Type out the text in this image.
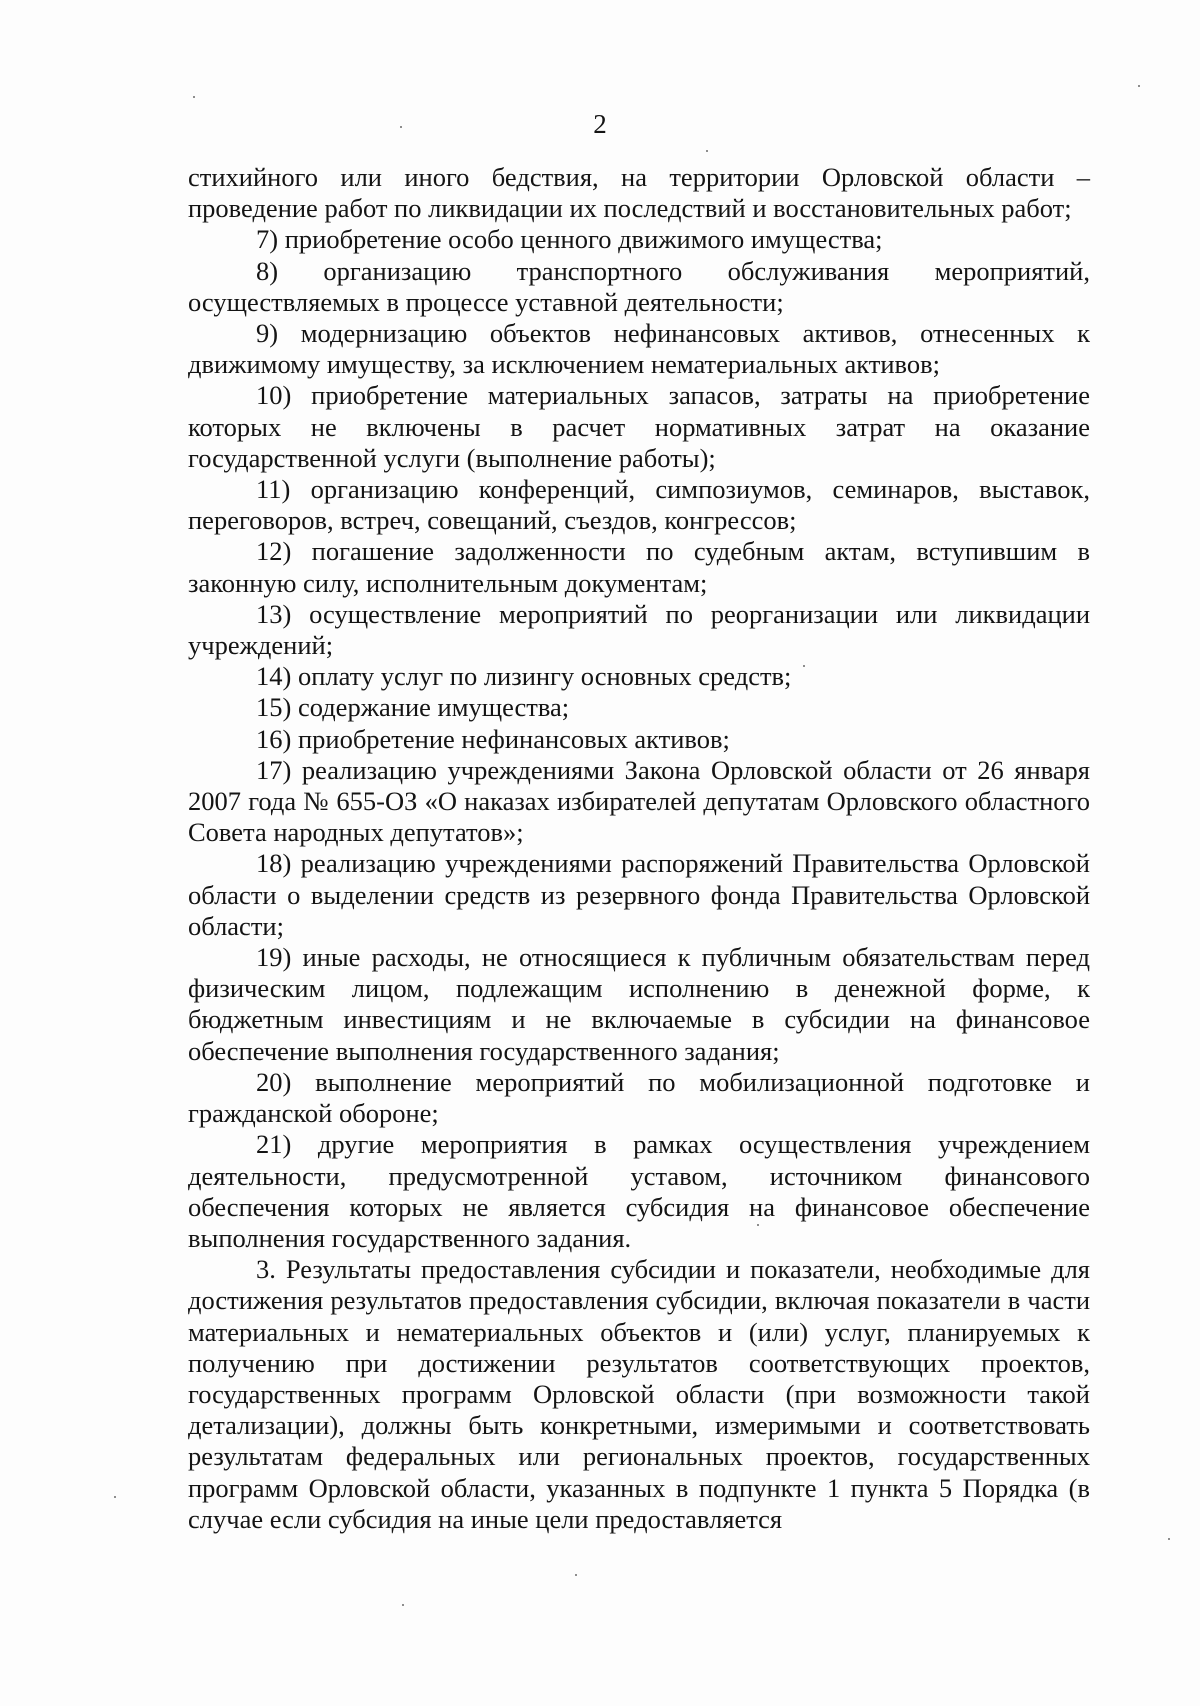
2

стихийного или иного бедствия, на территории Орловской области – проведение работ по ликвидации их последствий и восстановительных работ;

7) приобретение особо ценного движимого имущества;

8) организацию транспортного обслуживания мероприятий, осуществляемых в процессе уставной деятельности;

9) модернизацию объектов нефинансовых активов, отнесенных к движимому имуществу, за исключением нематериальных активов;

10) приобретение материальных запасов, затраты на приобретение которых не включены в расчет нормативных затрат на оказание государственной услуги (выполнение работы);

11) организацию конференций, симпозиумов, семинаров, выставок, переговоров, встреч, совещаний, съездов, конгрессов;

12) погашение задолженности по судебным актам, вступившим в законную силу, исполнительным документам;

13) осуществление мероприятий по реорганизации или ликвидации учреждений;

14) оплату услуг по лизингу основных средств;

15) содержание имущества;

16) приобретение нефинансовых активов;

17) реализацию учреждениями Закона Орловской области от 26 января 2007 года № 655-ОЗ «О наказах избирателей депутатам Орловского областного Совета народных депутатов»;

18) реализацию учреждениями распоряжений Правительства Орловской области о выделении средств из резервного фонда Правительства Орловской области;

19) иные расходы, не относящиеся к публичным обязательствам перед физическим лицом, подлежащим исполнению в денежной форме, к бюджетным инвестициям и не включаемые в субсидии на финансовое обеспечение выполнения государственного задания;

20) выполнение мероприятий по мобилизационной подготовке и гражданской обороне;

21) другие мероприятия в рамках осуществления учреждением деятельности, предусмотренной уставом, источником финансового обеспечения которых не является субсидия на финансовое обеспечение выполнения государственного задания.

3. Результаты предоставления субсидии и показатели, необходимые для достижения результатов предоставления субсидии, включая показатели в части материальных и нематериальных объектов и (или) услуг, планируемых к получению при достижении результатов соответствующих проектов, государственных программ Орловской области (при возможности такой детализации), должны быть конкретными, измеримыми и соответствовать результатам федеральных или региональных проектов, государственных программ Орловской области, указанных в подпункте 1 пункта 5 Порядка (в случае если субсидия на иные цели предоставляется
